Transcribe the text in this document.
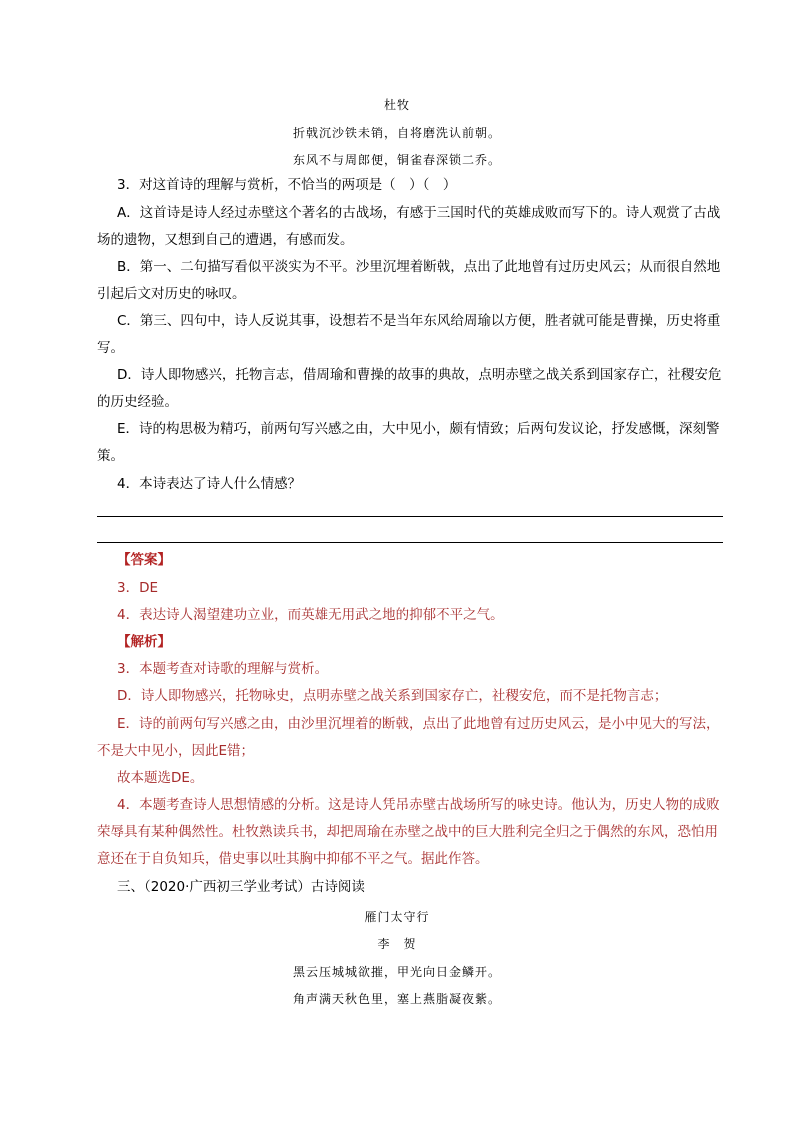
杜牧
折戟沉沙铁未销，自将磨洗认前朝。
东风不与周郎便，铜雀春深锁二乔。
3．对这首诗的理解与赏析，不恰当的两项是（　）（　）
A．这首诗是诗人经过赤壁这个著名的古战场，有感于三国时代的英雄成败而写下的。诗人观赏了古战场的遗物，又想到自己的遭遇，有感而发。
B．第一、二句描写看似平淡实为不平。沙里沉埋着断戟，点出了此地曾有过历史风云；从而很自然地引起后文对历史的咏叹。
C．第三、四句中，诗人反说其事，设想若不是当年东风给周瑜以方便，胜者就可能是曹操，历史将重写。
D．诗人即物感兴，托物言志，借周瑜和曹操的故事的典故，点明赤壁之战关系到国家存亡，社稷安危的历史经验。
E．诗的构思极为精巧，前两句写兴感之由，大中见小，颇有情致；后两句发议论，抒发感慨，深刻警策。
4．本诗表达了诗人什么情感？
【答案】
3．DE
4．表达诗人渴望建功立业，而英雄无用武之地的抑郁不平之气。
【解析】
3．本题考查对诗歌的理解与赏析。
D．诗人即物感兴，托物咏史，点明赤壁之战关系到国家存亡，社稷安危，而不是托物言志；
E．诗的前两句写兴感之由，由沙里沉埋着的断戟，点出了此地曾有过历史风云，是小中见大的写法，不是大中见小，因此E错；
故本题选DE。
4．本题考查诗人思想情感的分析。这是诗人凭吊赤壁古战场所写的咏史诗。他认为，历史人物的成败荣辱具有某种偶然性。杜牧熟读兵书，却把周瑜在赤壁之战中的巨大胜利完全归之于偶然的东风，恐怕用意还在于自负知兵，借史事以吐其胸中抑郁不平之气。据此作答。
三、（2020·广西初三学业考试）古诗阅读
雁门太守行
李　贺
黑云压城城欲摧，甲光向日金鳞开。
角声满天秋色里，塞上燕脂凝夜紫。
